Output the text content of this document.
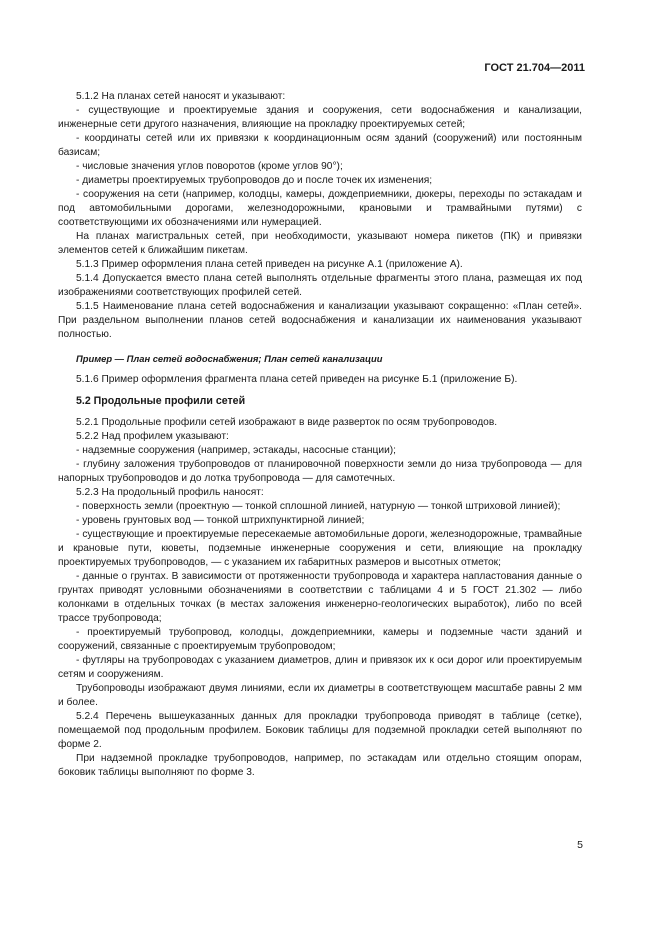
ГОСТ 21.704—2011

5.1.2 На планах сетей наносят и указывают:

- существующие и проектируемые здания и сооружения, сети водоснабжения и канализации, инженерные сети другого назначения, влияющие на прокладку проектируемых сетей;

- координаты сетей или их привязки к координационным осям зданий (сооружений) или постоянным базисам;

- числовые значения углов поворотов (кроме углов 90°);

- диаметры проектируемых трубопроводов до и после точек их изменения;

- сооружения на сети (например, колодцы, камеры, дождеприемники, дюкеры, переходы по эстакадам и под автомобильными дорогами, железнодорожными, крановыми и трамвайными путями) с соответствующими их обозначениями или нумерацией.

На планах магистральных сетей, при необходимости, указывают номера пикетов (ПК) и привязки элементов сетей к ближайшим пикетам.

5.1.3 Пример оформления плана сетей приведен на рисунке А.1 (приложение А).

5.1.4 Допускается вместо плана сетей выполнять отдельные фрагменты этого плана, размещая их под изображениями соответствующих профилей сетей.

5.1.5 Наименование плана сетей водоснабжения и канализации указывают сокращенно: «План сетей». При раздельном выполнении планов сетей водоснабжения и канализации их наименования указывают полностью.

Пример — План сетей водоснабжения; План сетей канализации

5.1.6 Пример оформления фрагмента плана сетей приведен на рисунке Б.1 (приложение Б).

5.2 Продольные профили сетей

5.2.1 Продольные профили сетей изображают в виде разверток по осям трубопроводов.

5.2.2 Над профилем указывают:

- надземные сооружения (например, эстакады, насосные станции);

- глубину заложения трубопроводов от планировочной поверхности земли до низа трубопровода — для напорных трубопроводов и до лотка трубопровода — для самотечных.

5.2.3 На продольный профиль наносят:

- поверхность земли (проектную — тонкой сплошной линией, натурную — тонкой штриховой линией);

- уровень грунтовых вод — тонкой штрихпунктирной линией;

- существующие и проектируемые пересекаемые автомобильные дороги, железнодорожные, трамвайные и крановые пути, кюветы, подземные инженерные сооружения и сети, влияющие на прокладку проектируемых трубопроводов, — с указанием их габаритных размеров и высотных отметок;

- данные о грунтах. В зависимости от протяженности трубопровода и характера напластования данные о грунтах приводят условными обозначениями в соответствии с таблицами 4 и 5 ГОСТ 21.302 — либо колонками в отдельных точках (в местах заложения инженерно-геологических выработок), либо по всей трассе трубопровода;

- проектируемый трубопровод, колодцы, дождеприемники, камеры и подземные части зданий и сооружений, связанные с проектируемым трубопроводом;

- футляры на трубопроводах с указанием диаметров, длин и привязок их к оси дорог или проектируемым сетям и сооружениям.

Трубопроводы изображают двумя линиями, если их диаметры в соответствующем масштабе равны 2 мм и более.

5.2.4 Перечень вышеуказанных данных для прокладки трубопровода приводят в таблице (сетке), помещаемой под продольным профилем. Боковик таблицы для подземной прокладки сетей выполняют по форме 2.

При надземной прокладке трубопроводов, например, по эстакадам или отдельно стоящим опорам, боковик таблицы выполняют по форме 3.

5
